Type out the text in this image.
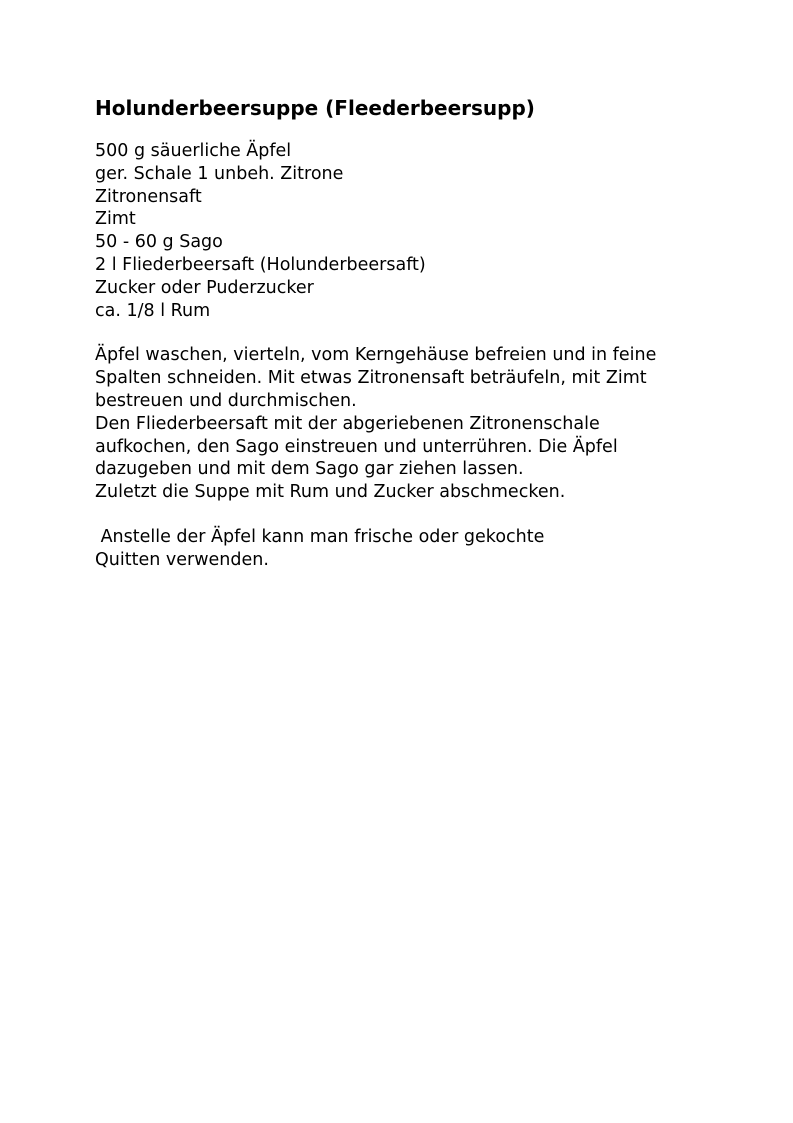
Holunderbeersuppe (Fleederbeersupp)
500 g säuerliche Äpfel
ger. Schale 1 unbeh. Zitrone
Zitronensaft
Zimt
50 - 60 g Sago
2 l Fliederbeersaft (Holunderbeersaft)
Zucker oder Puderzucker
ca. 1/8 l Rum

Äpfel waschen, vierteln, vom Kerngehäuse befreien und in feine
Spalten schneiden. Mit etwas Zitronensaft beträufeln, mit Zimt
bestreuen und durchmischen.
Den Fliederbeersaft mit der abgeriebenen Zitronenschale
aufkochen, den Sago einstreuen und unterrühren. Die Äpfel
dazugeben und mit dem Sago gar ziehen lassen.
Zuletzt die Suppe mit Rum und Zucker abschmecken.

Anstelle der Äpfel kann man frische oder gekochte
Quitten verwenden.
